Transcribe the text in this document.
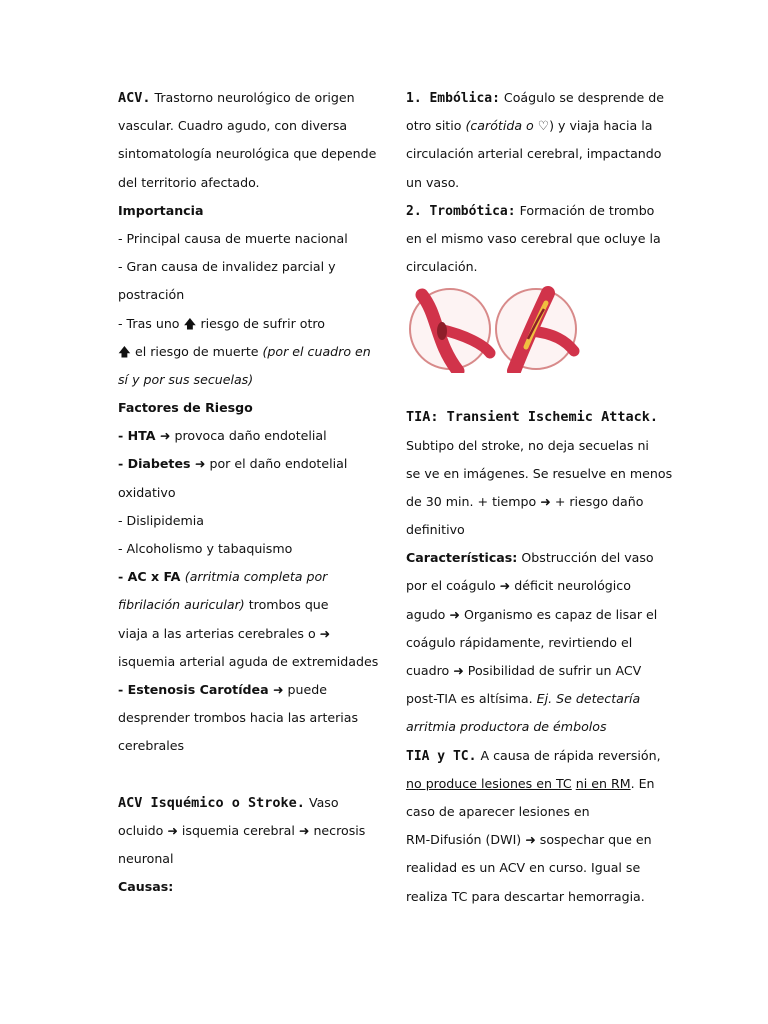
ACV. Trastorno neurológico de origen
vascular. Cuadro agudo, con diversa
sintomatología neurológica que depende
del territorio afectado.
Importancia
- Principal causa de muerte nacional
- Gran causa de invalidez parcial y
postración
- Tras uno 🡅 riesgo de sufrir otro
🡅 el riesgo de muerte (por el cuadro en
sí y por sus secuelas)
Factores de Riesgo
- HTA ➜ provoca daño endotelial
- Diabetes ➜ por el daño endotelial
oxidativo
- Dislipidemia
- Alcoholismo y tabaquismo
- AC x FA (arritmia completa por
fibrilación auricular) trombos que
viaja a las arterias cerebrales o ➜
isquemia arterial aguda de extremidades
- Estenosis Carotídea ➜ puede
desprender trombos hacia las arterias
cerebrales
ACV Isquémico o Stroke. Vaso
ocluido ➜ isquemia cerebral ➜ necrosis
neuronal
Causas:
1. Embólica: Coágulo se desprende de
otro sitio (carótida o ♡) y viaja hacia la
circulación arterial cerebral, impactando
un vaso.
2. Trombótica: Formación de trombo
en el mismo vaso cerebral que ocluye la
circulación.
TIA: Transient Ischemic Attack.
Subtipo del stroke, no deja secuelas ni
se ve en imágenes. Se resuelve en menos
de 30 min. + tiempo ➜ + riesgo daño
definitivo
Características: Obstrucción del vaso
por el coágulo ➜ déficit neurológico
agudo ➜ Organismo es capaz de lisar el
coágulo rápidamente, revirtiendo el
cuadro ➜ Posibilidad de sufrir un ACV
post-TIA es altísima. Ej. Se detectaría
arritmia productora de émbolos
TIA y TC. A causa de rápida reversión,
no produce lesiones en TC ni en RM. En
caso de aparecer lesiones en
RM-Difusión (DWI) ➜ sospechar que en
realidad es un ACV en curso. Igual se
realiza TC para descartar hemorragia.
